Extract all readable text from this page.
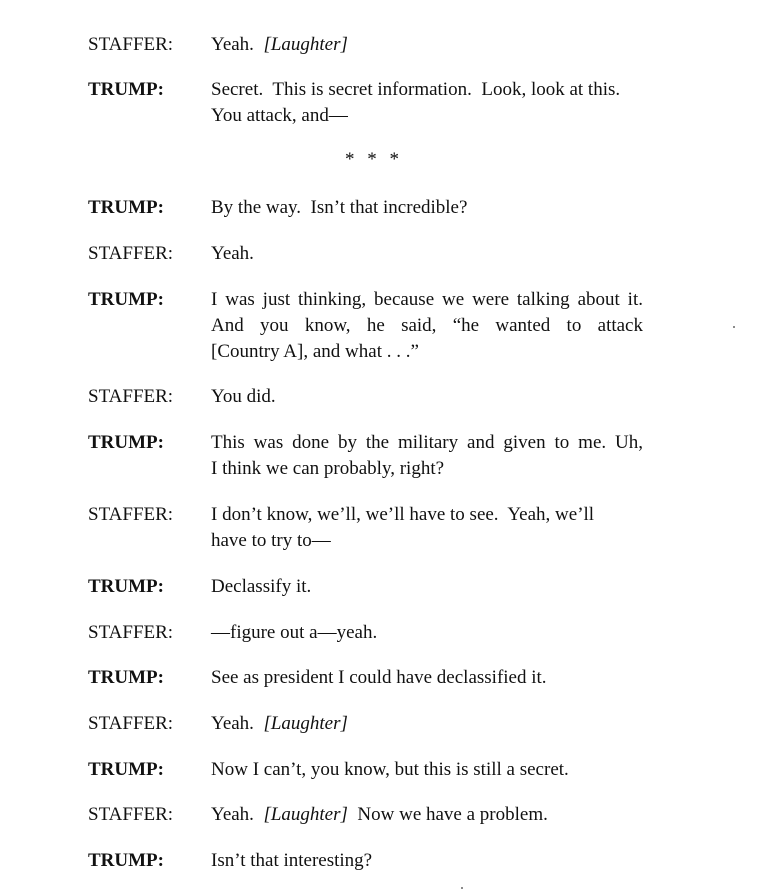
STAFFER: Yeah.  [Laughter]
TRUMP: Secret.  This is secret information.  Look, look at this.
You attack, and—
* * *
TRUMP: By the way.  Isn’t that incredible?
STAFFER: Yeah.
TRUMP: I was just thinking, because we were talking about it.
And you know, he said, “he wanted to attack
[Country A], and what . . .”
STAFFER: You did.
TRUMP: This was done by the military and given to me. Uh,
I think we can probably, right?
STAFFER: I don’t know, we’ll, we’ll have to see.  Yeah, we’ll
have to try to—
TRUMP: Declassify it.
STAFFER: —figure out a—yeah.
TRUMP: See as president I could have declassified it.
STAFFER: Yeah.  [Laughter]
TRUMP: Now I can’t, you know, but this is still a secret.
STAFFER: Yeah.  [Laughter]  Now we have a problem.
TRUMP: Isn’t that interesting?
